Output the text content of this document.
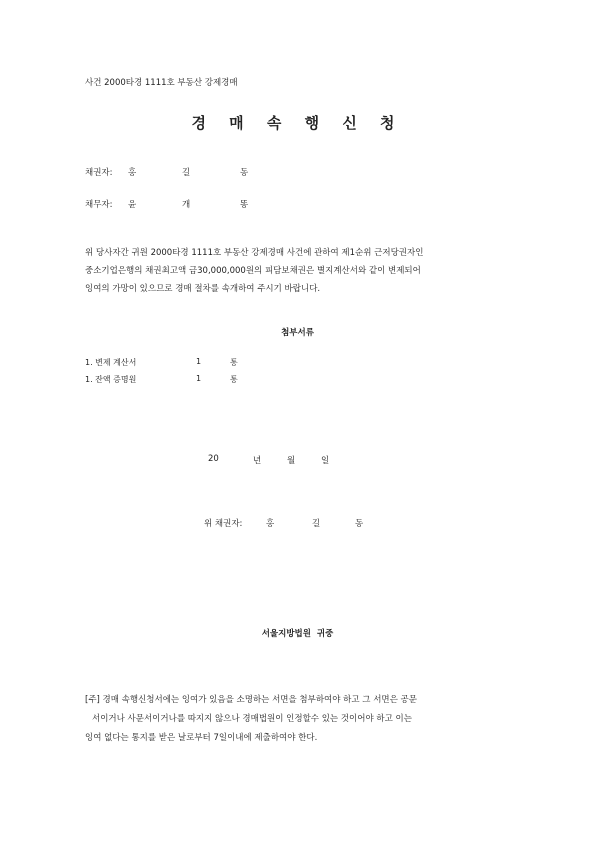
사건 2000타경 1111호 부동산 강제경매
경 매 속 행 신 청
채권자: 홍	길	동
채무자: 윤	개	똥
위 당사자간 귀원 2000타경 1111호 부동산 강제경매 사건에 관하여 제1순위 근저당권자인
중소기업은행의 채권최고액 금30,000,000원의 피담보채권은 별지계산서와 같이 변제되어
잉여의 가망이 있으므로 경매 절차를 속개하여 주시기 바랍니다.
첨부서류
1. 변제 계산서	1	통
1. 잔액 증명원	1	통
20	년	월	일
위 채권자:	홍	길	동
서울지방법원  귀중
[주] 경매 속행신청서에는 잉여가 있음을 소명하는 서면을 첨부하여야 하고 그 서면은 공문
서이거나 사문서이거나를 따지지 않으나 경매법원이 인정할수 있는 것이어야 하고 이는
잉여 없다는 통지를 받은 날로부터 7일이내에 제출하여야 한다.
